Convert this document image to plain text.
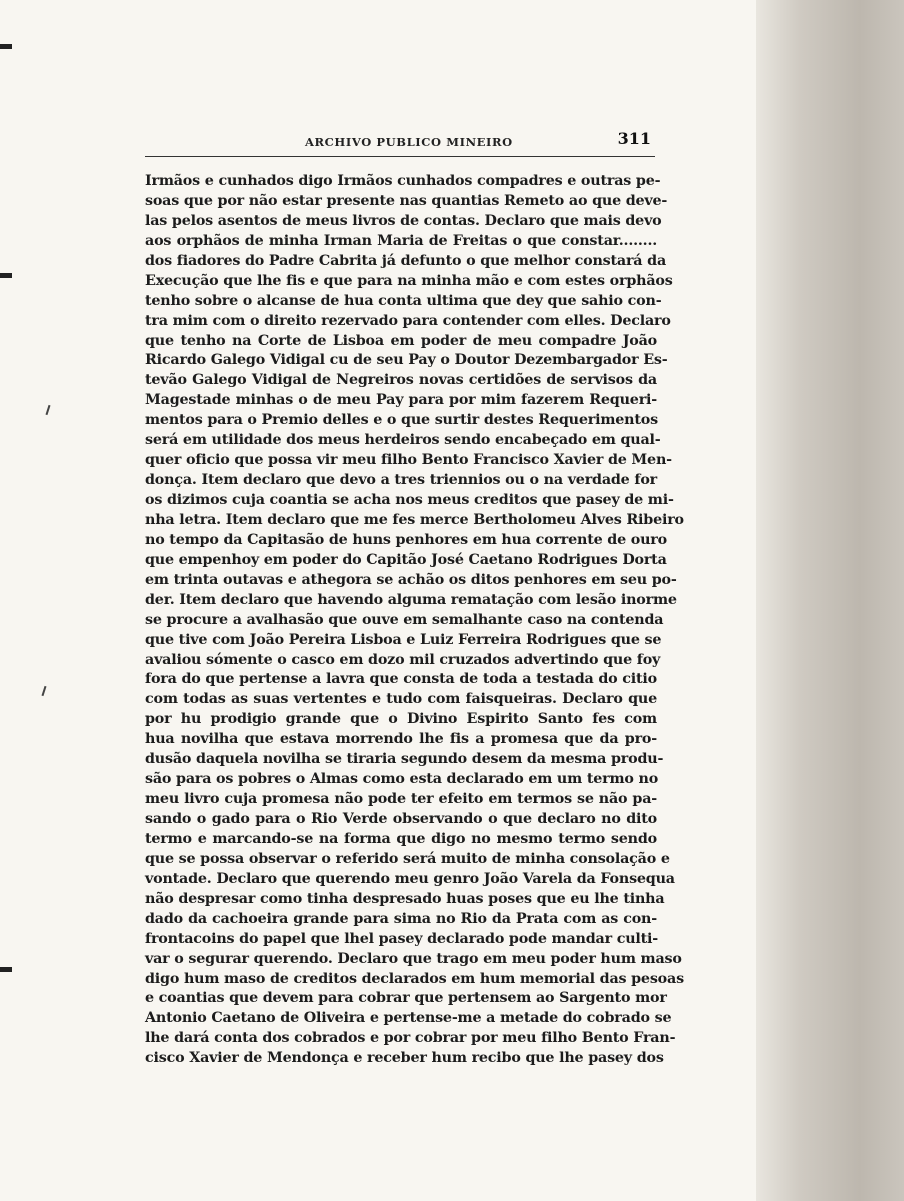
ARCHIVO PUBLICO MINEIRO	311
Irmãos e cunhados digo Irmãos cunhados compadres e outras pe-
soas que por não estar presente nas quantias Remeto ao que deve-
las pelos asentos de meus livros de contas. Declaro que mais devo
aos orphãos de minha Irman Maria de Freitas o que constar........
dos fiadores do Padre Cabrita já defunto o que melhor constará da
Execução que lhe fis e que para na minha mão e com estes orphãos
tenho sobre o alcanse de hua conta ultima que dey que sahio con-
tra mim com o direito rezervado para contender com elles. Declaro
que tenho na Corte de Lisboa em poder de meu compadre João
Ricardo Galego Vidigal cu de seu Pay o Doutor Dezembargador Es-
tevão Galego Vidigal de Negreiros novas certidões de servisos da
Magestade minhas o de meu Pay para por mim fazerem Requeri-
mentos para o Premio delles e o que surtir destes Requerimentos
será em utilidade dos meus herdeiros sendo encabeçado em qual-
quer oficio que possa vir meu filho Bento Francisco Xavier de Men-
donça. Item declaro que devo a tres triennios ou o na verdade for
os dizimos cuja coantia se acha nos meus creditos que pasey de mi-
nha letra. Item declaro que me fes merce Bertholomeu Alves Ribeiro
no tempo da Capitasão de huns penhores em hua corrente de ouro
que empenhoy em poder do Capitão José Caetano Rodrigues Dorta
em trinta outavas e athegora se achão os ditos penhores em seu po-
der. Item declaro que havendo alguma rematação com lesão inorme
se procure a avalhasão que ouve em semalhante caso na contenda
que tive com João Pereira Lisboa e Luiz Ferreira Rodrigues que se
avaliou sómente o casco em dozo mil cruzados advertindo que foy
fora do que pertense a lavra que consta de toda a testada do citio
com todas as suas vertentes e tudo com faisqueiras. Declaro que
por hu prodigio grande que o Divino Espirito Santo fes com
hua novilha que estava morrendo lhe fis a promesa que da pro-
dusão daquela novilha se tiraria segundo desem da mesma produ-
são para os pobres o Almas como esta declarado em um termo no
meu livro cuja promesa não pode ter efeito em termos se não pa-
sando o gado para o Rio Verde observando o que declaro no dito
termo e marcando-se na forma que digo no mesmo termo sendo
que se possa observar o referido será muito de minha consolação e
vontade. Declaro que querendo meu genro João Varela da Fonsequa
não despresar como tinha despresado huas poses que eu lhe tinha
dado da cachoeira grande para sima no Rio da Prata com as con-
frontacoins do papel que lhel pasey declarado pode mandar culti-
var o segurar querendo. Declaro que trago em meu poder hum maso
digo hum maso de creditos declarados em hum memorial das pesoas
e coantias que devem para cobrar que pertensem ao Sargento mor
Antonio Caetano de Oliveira e pertense-me a metade do cobrado se
lhe dará conta dos cobrados e por cobrar por meu filho Bento Fran-
cisco Xavier de Mendonça e receber hum recibo que lhe pasey dos
